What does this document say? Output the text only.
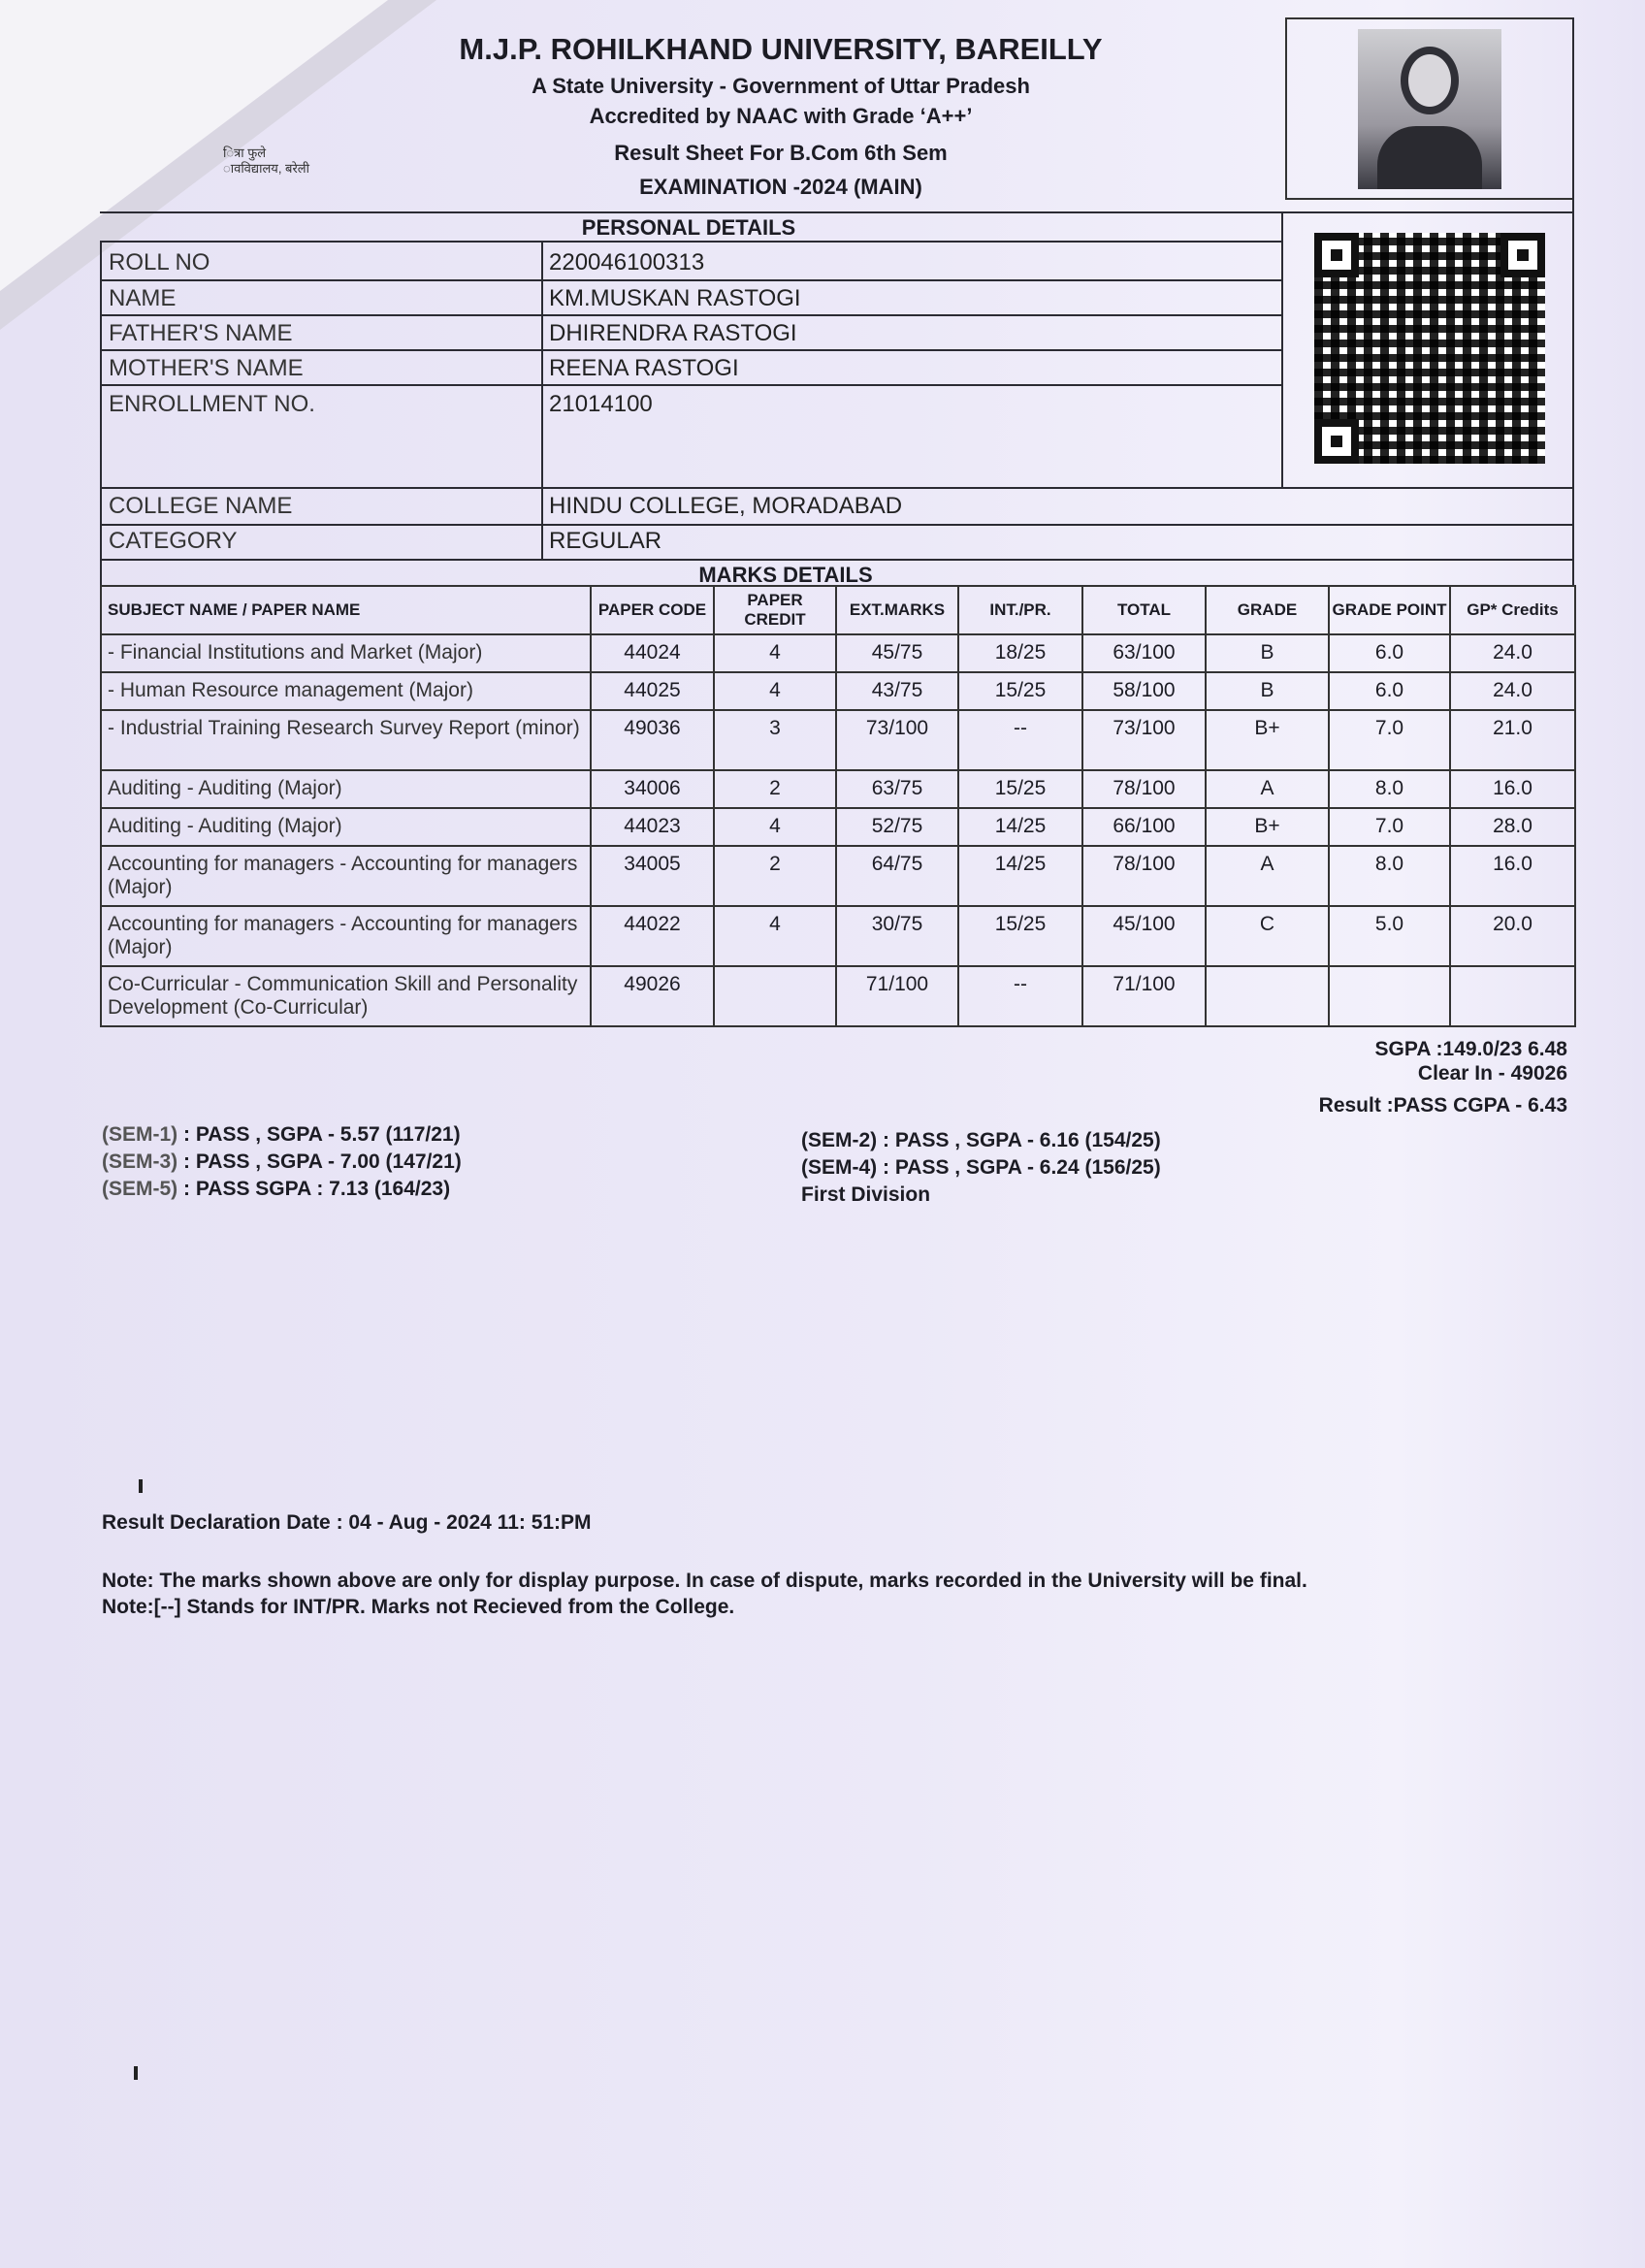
ित्रा फुले
ावविद्यालय, बरेली
M.J.P. ROHILKHAND UNIVERSITY, BAREILLY
A State University - Government of Uttar Pradesh
Accredited by NAAC with Grade ‘A++’
Result Sheet For B.Com 6th Sem
EXAMINATION -2024 (MAIN)
PERSONAL DETAILS
ROLL NO	220046100313
NAME	KM.MUSKAN RASTOGI
FATHER'S NAME	DHIRENDRA RASTOGI
MOTHER'S NAME	REENA RASTOGI
ENROLLMENT NO.	21014100
COLLEGE NAME	HINDU COLLEGE, MORADABAD
CATEGORY	REGULAR
MARKS DETAILS
SUBJECT NAME / PAPER NAME	PAPER CODE	PAPER CREDIT	EXT.MARKS	INT./PR.	TOTAL	GRADE	GRADE POINT	GP* Credits
- Financial Institutions and Market (Major)	44024	4	45/75	18/25	63/100	B	6.0	24.0
- Human Resource management (Major)	44025	4	43/75	15/25	58/100	B	6.0	24.0
- Industrial Training Research Survey Report (minor)	49036	3	73/100	--	73/100	B+	7.0	21.0
Auditing - Auditing (Major)	34006	2	63/75	15/25	78/100	A	8.0	16.0
Auditing - Auditing (Major)	44023	4	52/75	14/25	66/100	B+	7.0	28.0
Accounting for managers - Accounting for managers (Major)	34005	2	64/75	14/25	78/100	A	8.0	16.0
Accounting for managers - Accounting for managers (Major)	44022	4	30/75	15/25	45/100	C	5.0	20.0
Co-Curricular - Communication Skill and Personality Development (Co-Curricular)	49026		71/100	--	71/100			
SGPA :149.0/23 6.48
Clear In - 49026
Result :PASS CGPA - 6.43
(SEM-1) : PASS , SGPA - 5.57 (117/21)
(SEM-3) : PASS , SGPA - 7.00 (147/21)
(SEM-5) : PASS SGPA : 7.13 (164/23)
(SEM-2) : PASS , SGPA - 6.16 (154/25)
(SEM-4) : PASS , SGPA - 6.24 (156/25)
First Division
Result Declaration Date : 04 - Aug - 2024 11: 51:PM
Note: The marks shown above are only for display purpose. In case of dispute, marks recorded in the University will be final.
Note:[--] Stands for INT/PR. Marks not Recieved from the College.
